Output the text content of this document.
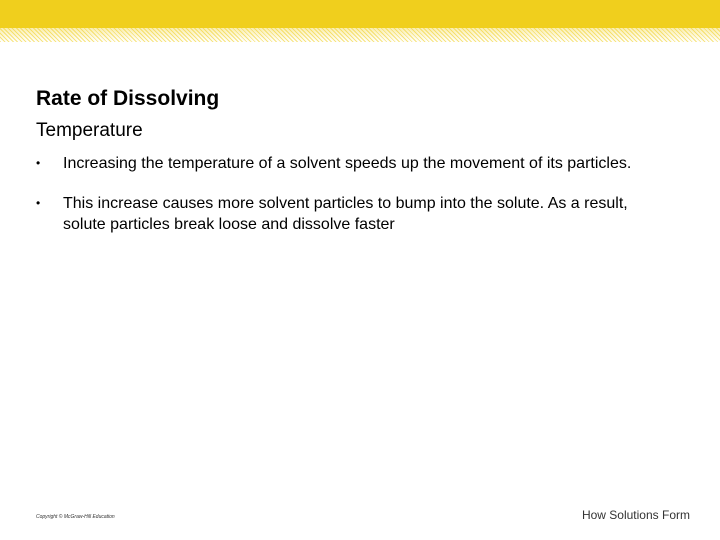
Rate of Dissolving
Temperature
• Increasing the temperature of a solvent speeds up the movement of its particles.
• This increase causes more solvent particles to bump into the solute. As a result, solute particles break loose and dissolve faster
Copyright © McGraw-Hill Education	How Solutions Form
